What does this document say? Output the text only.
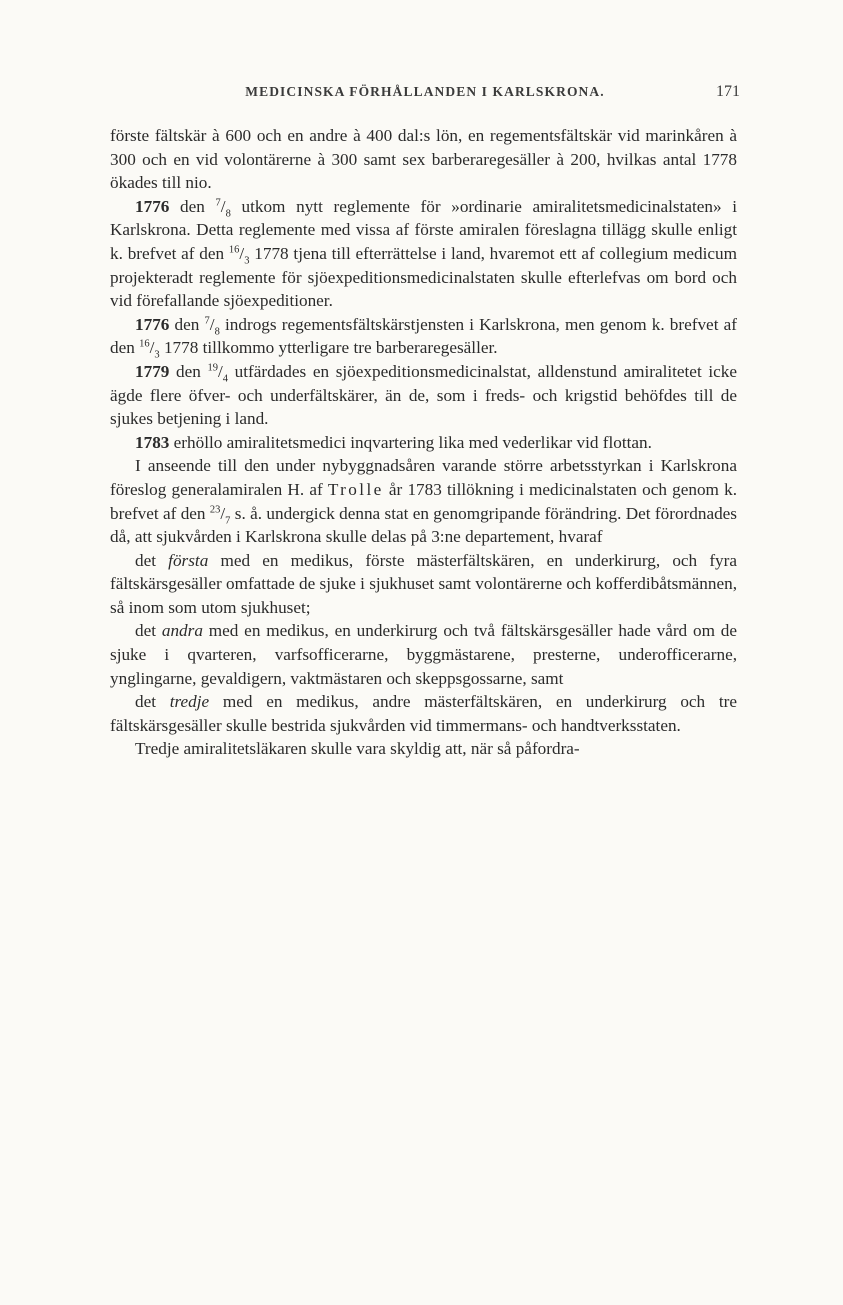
MEDICINSKA FÖRHÅLLANDEN I KARLSKRONA.	171

förste fältskär à 600 och en andre à 400 dal:s lön, en regementsfältskär vid marinkåren à 300 och en vid volontärerne à 300 samt sex barberaregesäller à 200, hvilkas antal 1778 ökades till nio.

1776 den $^7/_8$ utkom nytt reglemente för »ordinarie amiralitetsmedicinalstaten» i Karlskrona. Detta reglemente med vissa af förste amiralen föreslagna tillägg skulle enligt k. brefvet af den $^{16}/_3$ 1778 tjena till efterrättelse i land, hvaremot ett af collegium medicum projekteradt reglemente för sjöexpeditionsmedicinalstaten skulle efterlefvas om bord och vid förefallande sjöexpeditioner.

1776 den $^7/_8$ indrogs regementsfältskärstjensten i Karlskrona, men genom k. brefvet af den $^{16}/_3$ 1778 tillkommo ytterligare tre barberaregesäller.

1779 den $^{19}/_4$ utfärdades en sjöexpeditionsmedicinalstat, alldenstund amiralitetet icke ägde flere öfver- och underfältskärer, än de, som i freds- och krigstid behöfdes till de sjukes betjening i land.

1783 erhöllo amiralitetsmedici inqvartering lika med vederlikar vid flottan.

I anseende till den under nybyggnadsåren varande större arbetsstyrkan i Karlskrona föreslog generalamiralen H. af Trolle år 1783 tillökning i medicinalstaten och genom k. brefvet af den $^{23}/_7$ s. å. undergick denna stat en genomgripande förändring. Det förordnades då, att sjukvården i Karlskrona skulle delas på 3:ne departement, hvaraf

det första med en medikus, förste mästerfältskären, en underkirurg, och fyra fältskärsgesäller omfattade de sjuke i sjukhuset samt volontärerne och kofferdibåtsmännen, så inom som utom sjukhuset;

det andra med en medikus, en underkirurg och två fältskärsgesäller hade vård om de sjuke i qvarteren, varfsofficerarne, byggmästarene, presterne, underofficerarne, ynglingarne, gevaldigern, vaktmästaren och skeppsgossarne, samt

det tredje med en medikus, andre mästerfältskären, en underkirurg och tre fältskärsgesäller skulle bestrida sjukvården vid timmermans- och handtverksstaten.

Tredje amiralitetsläkaren skulle vara skyldig att, när så påfordra-
